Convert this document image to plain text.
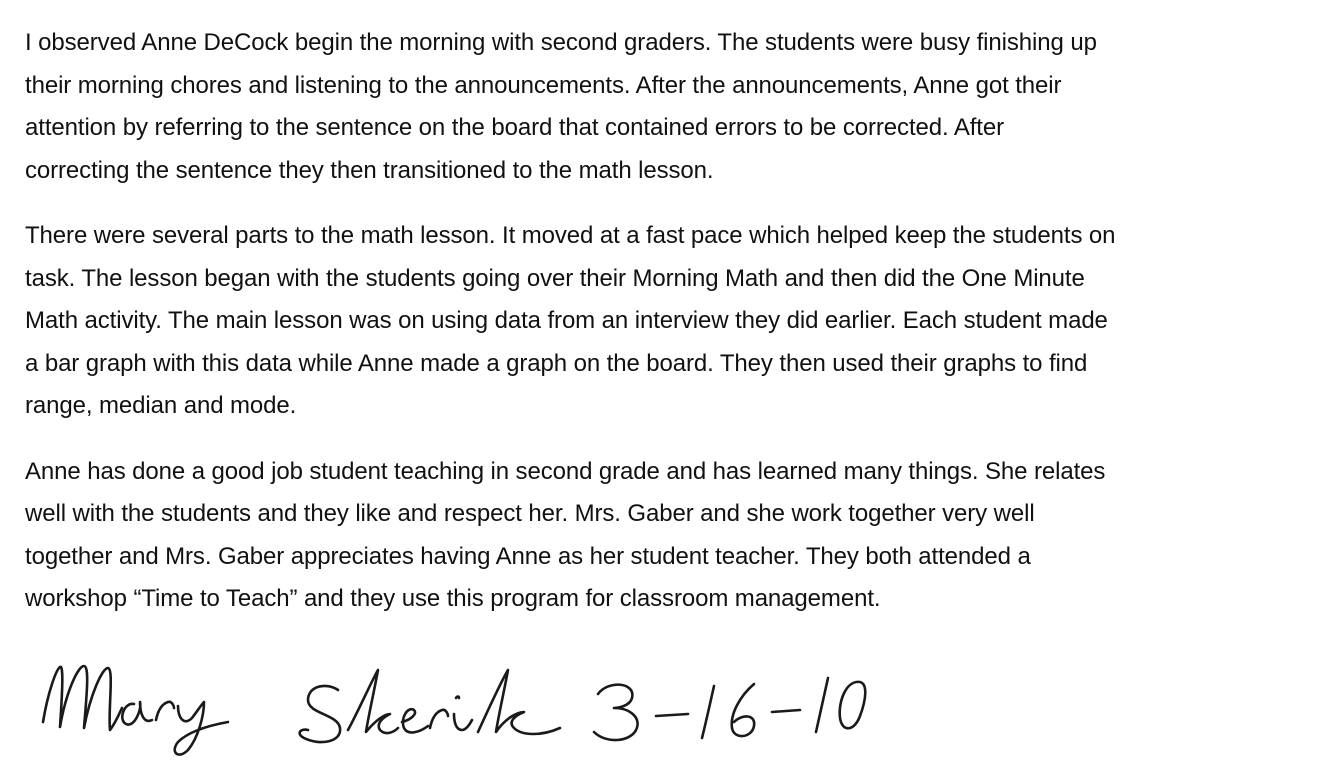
I observed Anne DeCock begin the morning with second graders. The students were busy finishing up
their morning chores and listening to the announcements. After the announcements, Anne got their
attention by referring to the sentence on the board that contained errors to be corrected. After
correcting the sentence they then transitioned to the math lesson.
There were several parts to the math lesson. It moved at a fast pace which helped keep the students on
task. The lesson began with the students going over their Morning Math and then did the One Minute
Math activity. The main lesson was on using data from an interview they did earlier. Each student made
a bar graph with this data while Anne made a graph on the board. They then used their graphs to find
range, median and mode.
Anne has done a good job student teaching in second grade and has learned many things. She relates
well with the students and they like and respect her. Mrs. Gaber and she work together very well
together and Mrs. Gaber appreciates having Anne as her student teacher. They both attended a
workshop “Time to Teach” and they use this program for classroom management.
